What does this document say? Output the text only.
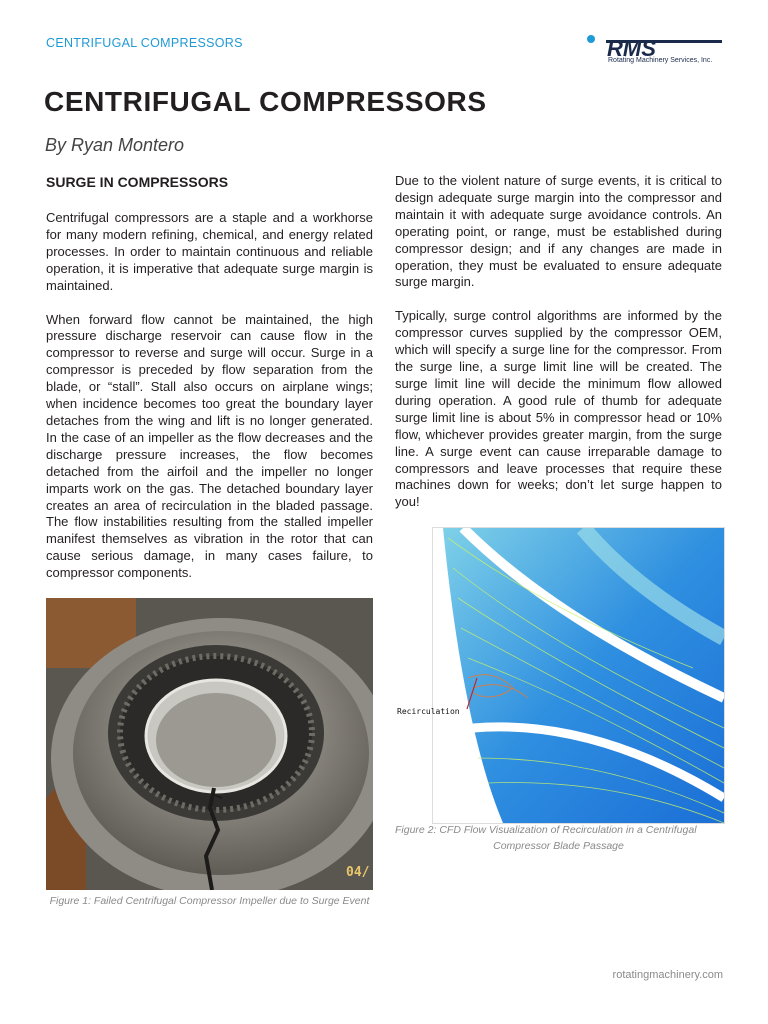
CENTRIFUGAL COMPRESSORS	RMS
Rotating Machinery Services, Inc.
CENTRIFUGAL COMPRESSORS
By Ryan Montero
SURGE IN COMPRESSORS

Centrifugal compressors are a staple and a workhorse for many modern refining, chemical, and energy related processes. In order to maintain continuous and reliable operation, it is imperative that adequate surge margin is maintained.

When forward flow cannot be maintained, the high pressure discharge reservoir can cause flow in the compressor to reverse and surge will occur. Surge in a compressor is preceded by flow separation from the blade, or “stall”. Stall also occurs on airplane wings; when incidence becomes too great the boundary layer detaches from the wing and lift is no longer generated. In the case of an impeller as the flow decreases and the discharge pressure increases, the flow becomes detached from the airfoil and the impeller no longer imparts work on the gas. The detached boundary layer creates an area of recirculation in the bladed passage. The flow instabilities resulting from the stalled impeller manifest themselves as vibration in the rotor that can cause serious damage, in many cases failure, to compressor components.

Due to the violent nature of surge events, it is critical to design adequate surge margin into the compressor and maintain it with adequate surge avoidance controls. An operating point, or range, must be established during compressor design; and if any changes are made in operation, they must be evaluated to ensure adequate surge margin.

Typically, surge control algorithms are informed by the compressor curves supplied by the compressor OEM, which will specify a surge line for the compressor. From the surge line, a surge limit line will be created. The surge limit line will decide the minimum flow allowed during operation. A good rule of thumb for adequate surge limit line is about 5% in compressor head or 10% flow, whichever provides greater margin, from the surge line. A surge event can cause irreparable damage to compressors and leave processes that require these machines down for weeks; don’t let surge happen to you!

04/
Figure 1: Failed Centrifugal Compressor Impeller due to Surge Event
Recirculation
Figure 2: CFD Flow Visualization of Recirculation in a Centrifugal
Compressor Blade Passage
rotatingmachinery.com
